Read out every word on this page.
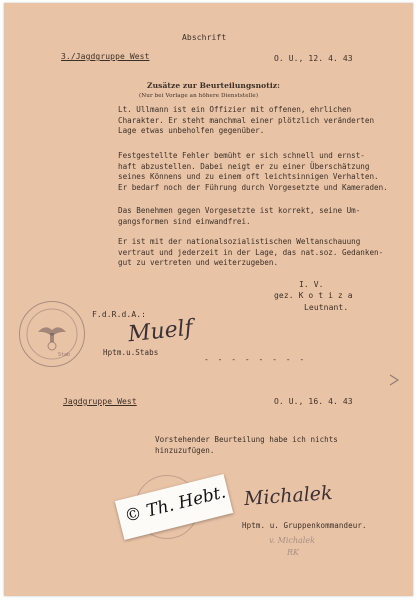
Abschrift
3./Jagdgruppe West	O. U., 12. 4. 43
Zusätze zur Beurteilungsnotiz:
(Nur bei Vorlage an höhere Dienststelle)
Lt. Ullmann ist ein Offizier mit offenen, ehrlichen
Charakter. Er steht manchmal einer plötzlich veränderten
Lage etwas unbeholfen gegenüber.
Festgestellte Fehler bemüht er sich schnell und ernst-
haft abzustellen. Dabei neigt er zu einer Überschätzung
seines Könnens und zu einem oft leichtsinnigen Verhalten.
Er bedarf noch der Führung durch Vorgesetzte und Kameraden.
Das Benehmen gegen Vorgesetzte ist korrekt, seine Um-
gangsformen sind einwandfrei.
Er ist mit der nationalsozialistischen Weltanschauung
vertraut und jederzeit in der Lage, das nat.soz. Gedanken-
gut zu vertreten und weiterzugeben.
I. V.
gez. K o t i z a
Leutnant.
F.d.R.d.A.:
Stab
Muelf
Hptm.u.Stabs
- - - - - - - -
Jagdgruppe West	O. U., 16. 4. 43
Vorstehender Beurteilung habe ich nichts
hinzuzufügen.
Michalek
Hptm. u. Gruppenkommandeur.
v. Michalek
RK
© Th. Hebt.
